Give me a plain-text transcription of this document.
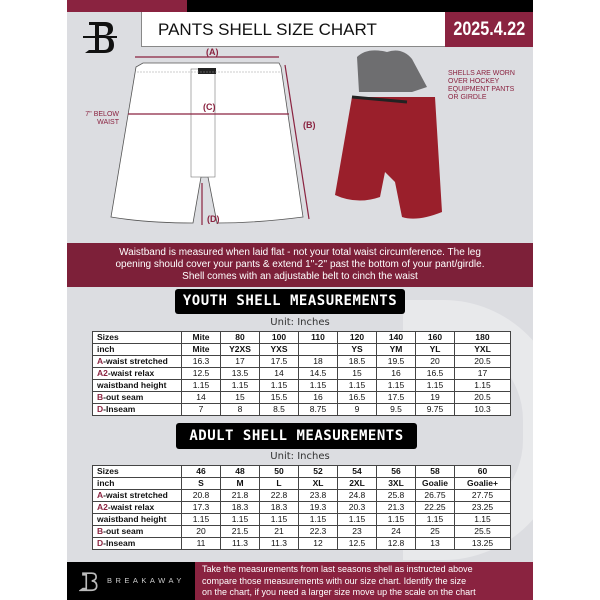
PANTS SHELL SIZE CHART	2025.4.22
(A)
(C)
(B)
(D)
7'' BELOW WAIST
SHELLS ARE WORN OVER HOCKEY EQUIPMENT PANTS OR GIRDLE
Waistband is measured when laid flat - not your total waist circumference. The leg
opening should cover your pants & extend 1''-2'' past the bottom of your pant/girdle.
Shell comes with an adjustable belt to cinch the waist
YOUTH SHELL MEASUREMENTS
Unit: Inches
Sizes	Mite	80	100	110	120	140	160	180
inch	Mite	Y2XS	YXS		YS	YM	YL	YXL
A-waist stretched	16.3	17	17.5	18	18.5	19.5	20	20.5
A2-waist relax	12.5	13.5	14	14.5	15	16	16.5	17
waistband height	1.15	1.15	1.15	1.15	1.15	1.15	1.15	1.15
B-out seam	14	15	15.5	16	16.5	17.5	19	20.5
D-Inseam	7	8	8.5	8.75	9	9.5	9.75	10.3
ADULT SHELL MEASUREMENTS
Unit: Inches
Sizes	46	48	50	52	54	56	58	60
inch	S	M	L	XL	2XL	3XL	Goalie	Goalie+
A-waist stretched	20.8	21.8	22.8	23.8	24.8	25.8	26.75	27.75
A2-waist relax	17.3	18.3	18.3	19.3	20.3	21.3	22.25	23.25
waistband height	1.15	1.15	1.15	1.15	1.15	1.15	1.15	1.15
B-out seam	20	21.5	21	22.3	23	24	25	25.5
D-Inseam	11	11.3	11.3	12	12.5	12.8	13	13.25
BREAKAWAY
Take the measurements from last seasons shell as instructed above
compare those measurements with our size chart. Identify the size
on the chart, if you need a larger size move up the scale on the chart
